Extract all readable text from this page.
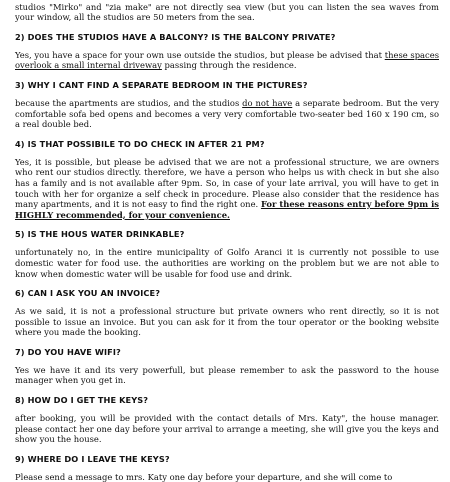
studios "Mirko" and "zia make" are not directly sea view (but you can listen the sea waves from your window, all the studios are 50 meters from the sea.

2) DOES THE STUDIOS HAVE A BALCONY? IS THE BALCONY PRIVATE?

Yes, you have a space for your own use outside the studios, but please be advised that these spaces overlook a small internal driveway passing through the residence.

3) WHY I CANT FIND A SEPARATE BEDROOM IN THE PICTURES?

because the apartments are studios, and the studios do not have a separate bedroom. But the very comfortable sofa bed opens and becomes a very very comfortable two-seater bed 160 x 190 cm, so a real double bed.

4) IS THAT POSSIBILE TO DO CHECK IN AFTER 21 PM?

Yes, it is possible, but please be advised that we are not a professional structure, we are owners who rent our studios directly. therefore, we have a person who helps us with check in but she also has a family and is not available after 9pm. So, in case of your late arrival, you will have to get in touch with her for organize a self check in procedure. Please also consider that the residence has many apartments, and it is not easy to find the right one. For these reasons entry before 9pm is HIGHLY recommended, for your convenience.

5) IS THE HOUS WATER DRINKABLE?

unfortunately no, in the entire municipality of Golfo Aranci it is currently not possible to use domestic water for food use. the authorities are working on the problem but we are not able to know when domestic water will be usable for food use and drink.

6) CAN I ASK YOU AN INVOICE?

As we said, it is not a professional structure but private owners who rent directly, so it is not possible to issue an invoice. But you can ask for it from the tour operator or the booking website where you made the booking.

7) DO YOU HAVE WIFI?

Yes we have it and its very powerfull, but please remember to ask the password to the house manager when you get in.

8) HOW DO I GET THE KEYS?

after booking, you will be provided with the contact details of Mrs. Katy", the house manager. please contact her one day before your arrival to arrange a meeting, she will give you the keys and show you the house.

9) WHERE DO I LEAVE THE KEYS?

Please send a message to mrs. Katy one day before your departure, and she will come to
